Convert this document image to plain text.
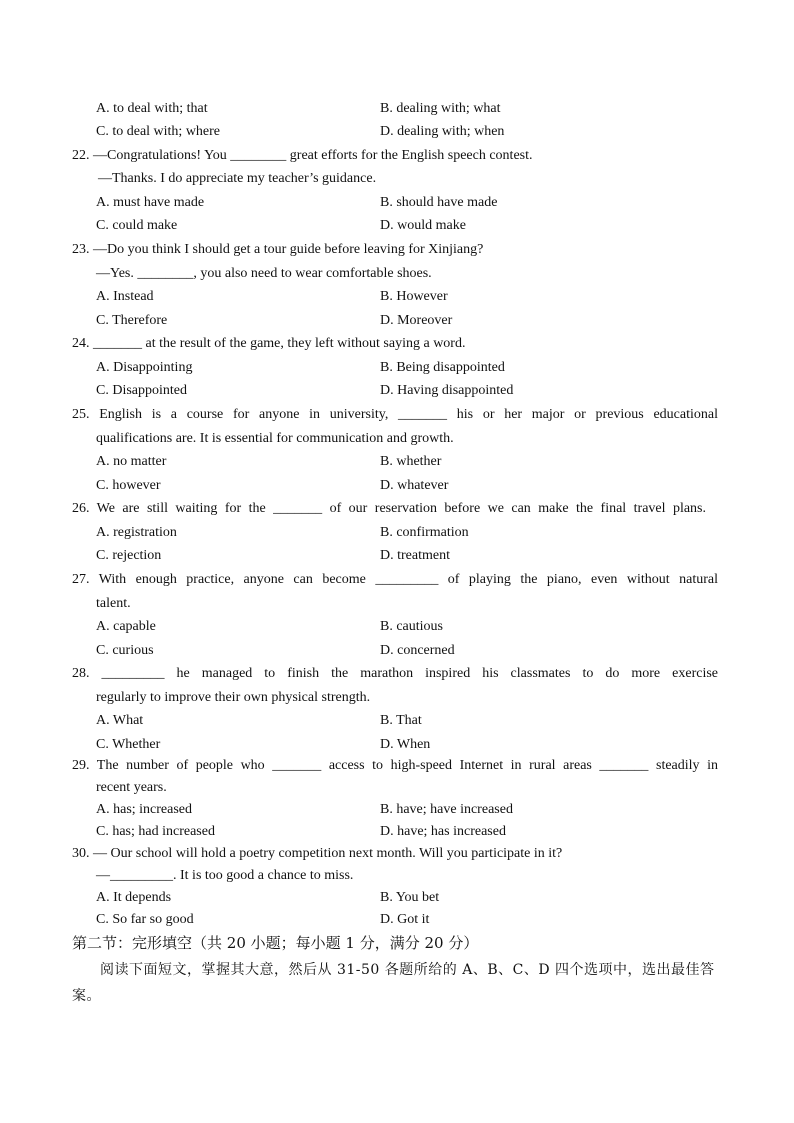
A. to deal with; that	B. dealing with; what
C. to deal with; where	D. dealing with; when
22. —Congratulations! You ________ great efforts for the English speech contest.
—Thanks. I do appreciate my teacher’s guidance.
A. must have made	B. should have made
C. could make	D. would make
23. —Do you think I should get a tour guide before leaving for Xinjiang?
—Yes. ________, you also need to wear comfortable shoes.
A. Instead	B. However
C. Therefore	D. Moreover
24. _______ at the result of the game, they left without saying a word.
A. Disappointing	B. Being disappointed
C. Disappointed	D. Having disappointed
25. English is a course for anyone in university, _______ his or her major or previous educational
qualifications are. It is essential for communication and growth.
A. no matter	B. whether
C. however	D. whatever
26. We are still waiting for the _______ of our reservation before we can make the final travel plans.
A. registration	B. confirmation
C. rejection	D. treatment
27. With enough practice, anyone can become _________ of playing the piano, even without natural
talent.
A. capable	B. cautious
C. curious	D. concerned
28. _________ he managed to finish the marathon inspired his classmates to do more exercise
regularly to improve their own physical strength.
A. What	B. That
C. Whether	D. When
29. The number of people who _______ access to high-speed Internet in rural areas _______ steadily in
recent years.
A. has; increased	B. have; have increased
C. has; had increased	D. have; has increased
30. — Our school will hold a poetry competition next month. Will you participate in it?
—_________. It is too good a chance to miss.
A. It depends	B. You bet
C. So far so good	D. Got it
第二节：完形填空（共 20 小题；每小题 1 分，满分 20 分）
阅读下面短文，掌握其大意，然后从 31-50 各题所给的 A、B、C、D 四个选项中，选出最佳答案。
